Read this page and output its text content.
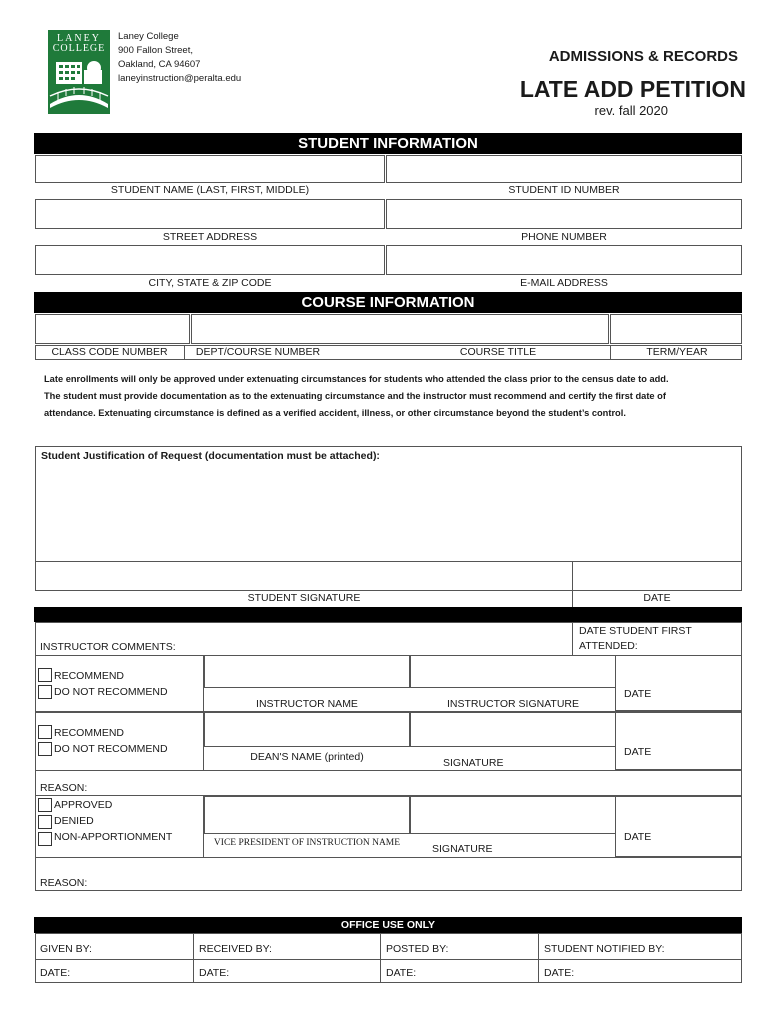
LANEY
COLLEGE
Laney College
900 Fallon Street,
Oakland, CA 94607
laneyinstruction@peralta.edu
ADMISSIONS & RECORDS
LATE ADD PETITION
rev. fall 2020
STUDENT INFORMATION
STUDENT NAME (LAST, FIRST, MIDDLE)	STUDENT ID NUMBER
STREET ADDRESS	PHONE NUMBER
CITY, STATE & ZIP CODE	E-MAIL ADDRESS
COURSE INFORMATION
CLASS CODE NUMBER	DEPT/COURSE NUMBER	COURSE TITLE	TERM/YEAR
Late enrollments will only be approved under extenuating circumstances for students who attended the class prior to the census date to add. The student must provide documentation as to the extenuating circumstance and the instructor must recommend and certify the first date of attendance. Extenuating circumstance is defined as a verified accident, illness, or other circumstance beyond the student’s control.
Student Justification of Request (documentation must be attached):
STUDENT SIGNATURE	DATE
INSTRUCTOR COMMENTS:
DATE STUDENT FIRST
ATTENDED:
RECOMMEND
DO NOT RECOMMEND
INSTRUCTOR NAME	INSTRUCTOR SIGNATURE
DATE
RECOMMEND
DO NOT RECOMMEND
DEAN'S NAME (printed)	SIGNATURE
DATE
REASON:
APPROVED
DENIED
NON-APPORTIONMENT	VICE PRESIDENT OF INSTRUCTION NAME	SIGNATURE
DATE
REASON:
OFFICE USE ONLY
GIVEN BY:	RECEIVED BY:	POSTED BY:	STUDENT NOTIFIED BY:
DATE:	DATE:	DATE:	DATE:
